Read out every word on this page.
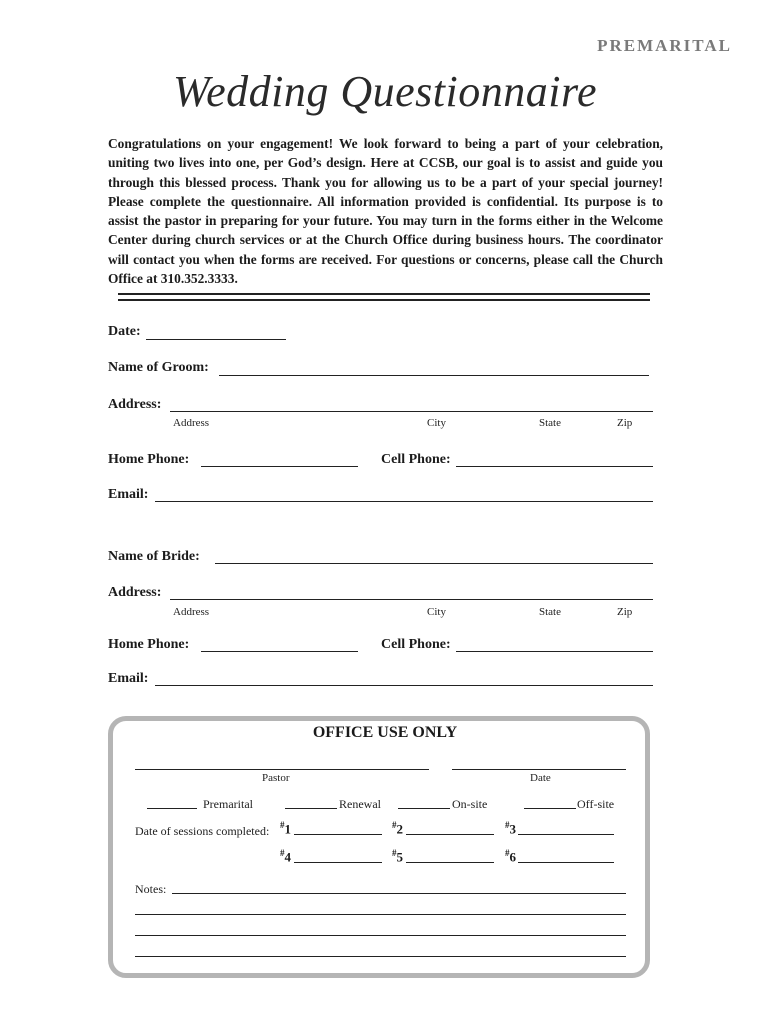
PREMARITAL
Wedding Questionnaire
Congratulations on your engagement! We look forward to being a part of your celebration, uniting two lives into one, per God’s design. Here at CCSB, our goal is to assist and guide you through this blessed process. Thank you for allowing us to be a part of your special journey! Please complete the questionnaire. All information provided is confidential. Its purpose is to assist the pastor in preparing for your future. You may turn in the forms either in the Welcome Center during church services or at the Church Office during business hours. The coordinator will contact you when the forms are received. For questions or concerns, please call the Church Office at 310.352.3333.
Date:
Name of Groom:
Address:
Address	City	State	Zip
Home Phone:	Cell Phone:
Email:
Name of Bride:
Address:
Address	City	State	Zip
Home Phone:	Cell Phone:
Email:
OFFICE USE ONLY
Pastor	Date
Premarital	Renewal	On-site	Off-site
Date of sessions completed: #1	#2	#3
#4	#5	#6
Notes:
